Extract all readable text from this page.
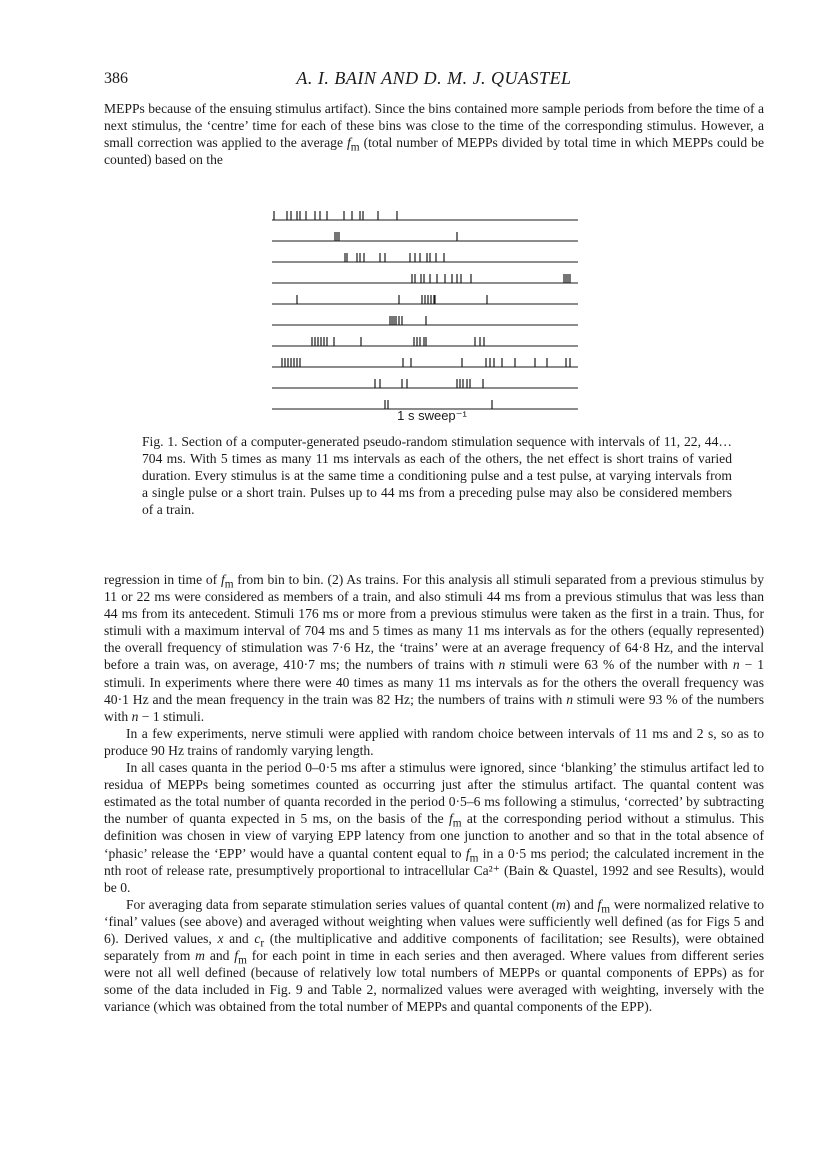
386	A. I. BAIN AND D. M. J. QUASTEL

MEPPs because of the ensuing stimulus artifact). Since the bins contained more sample periods from before the time of a next stimulus, the ‘centre’ time for each of these bins was close to the time of the corresponding stimulus. However, a small correction was applied to the average $f_m$ (total number of MEPPs divided by total time in which MEPPs could be counted) based on the

1 s sweep⁻¹
Fig. 1. Section of a computer-generated pseudo-random stimulation sequence with intervals of 11, 22, 44…704 ms. With 5 times as many 11 ms intervals as each of the others, the net effect is short trains of varied duration. Every stimulus is at the same time a conditioning pulse and a test pulse, at varying intervals from a single pulse or a short train. Pulses up to 44 ms from a preceding pulse may also be considered members of a train.

regression in time of $f_m$ from bin to bin. (2) As trains. For this analysis all stimuli separated from a previous stimulus by 11 or 22 ms were considered as members of a train, and also stimuli 44 ms from a previous stimulus that was less than 44 ms from its antecedent. Stimuli 176 ms or more from a previous stimulus were taken as the first in a train. Thus, for stimuli with a maximum interval of 704 ms and 5 times as many 11 ms intervals as for the others (equally represented) the overall frequency of stimulation was 7·6 Hz, the ‘trains’ were at an average frequency of 64·8 Hz, and the interval before a train was, on average, 410·7 ms; the numbers of trains with n stimuli were 63 % of the number with n − 1 stimuli. In experiments where there were 40 times as many 11 ms intervals as for the others the overall frequency was 40·1 Hz and the mean frequency in the train was 82 Hz; the numbers of trains with n stimuli were 93 % of the numbers with n − 1 stimuli.

In a few experiments, nerve stimuli were applied with random choice between intervals of 11 ms and 2 s, so as to produce 90 Hz trains of randomly varying length.

In all cases quanta in the period 0–0·5 ms after a stimulus were ignored, since ‘blanking’ the stimulus artifact led to residua of MEPPs being sometimes counted as occurring just after the stimulus artifact. The quantal content was estimated as the total number of quanta recorded in the period 0·5–6 ms following a stimulus, ‘corrected’ by subtracting the number of quanta expected in 5 ms, on the basis of the $f_m$ at the corresponding period without a stimulus. This definition was chosen in view of varying EPP latency from one junction to another and so that in the total absence of ‘phasic’ release the ‘EPP’ would have a quantal content equal to $f_m$ in a 0·5 ms period; the calculated increment in the nth root of release rate, presumptively proportional to intracellular Ca²⁺ (Bain & Quastel, 1992 and see Results), would be 0.

For averaging data from separate stimulation series values of quantal content (m) and $f_m$ were normalized relative to ‘final’ values (see above) and averaged without weighting when values were sufficiently well defined (as for Figs 5 and 6). Derived values, x and $c_r$ (the multiplicative and additive components of facilitation; see Results), were obtained separately from m and $f_m$ for each point in time in each series and then averaged. Where values from different series were not all well defined (because of relatively low total numbers of MEPPs or quantal components of EPPs) as for some of the data included in Fig. 9 and Table 2, normalized values were averaged with weighting, inversely with the variance (which was obtained from the total number of MEPPs and quantal components of the EPP).
